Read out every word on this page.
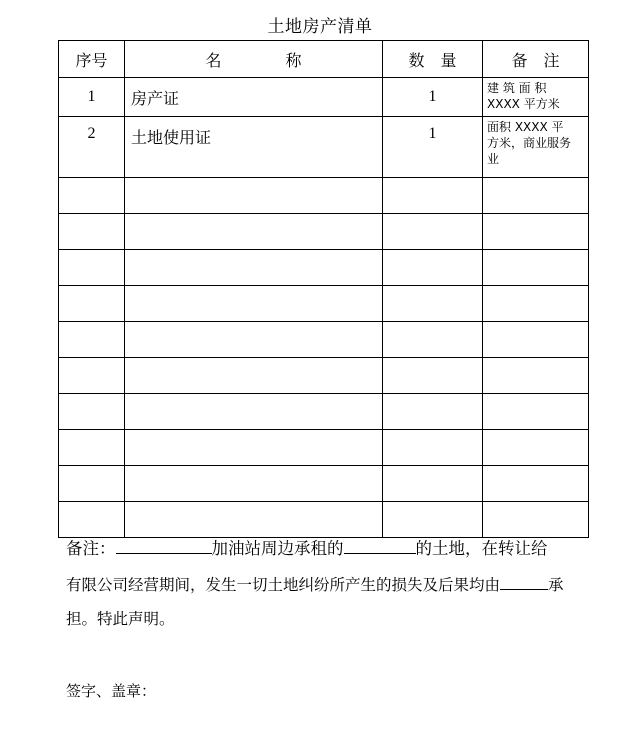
土地房产清单
序号	名　　　　称	数　量	备　注
1	房产证	1	建 筑 面 积
XXXX 平方米

2	土地使用证	1	面积 XXXX 平
方米，商业服务
业

备注：	加油站周边承租的	的土地，在转让给
有限公司经营期间，发生一切土地纠纷所产生的损失及后果均由	承
担。特此声明。
签字、盖章：
